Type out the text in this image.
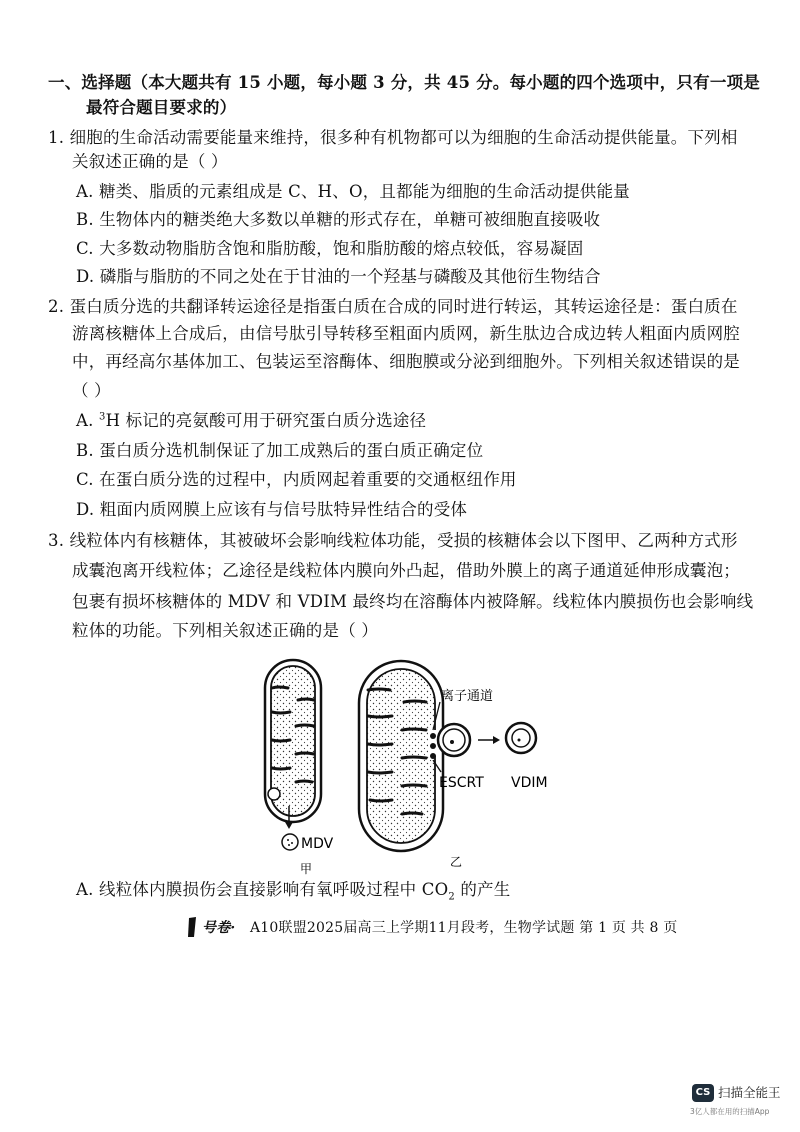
一、选择题（本大题共有 15 小题，每小题 3 分，共 45 分。每小题的四个选项中，只有一项是
最符合题目要求的）
1. 细胞的生命活动需要能量来维持，很多种有机物都可以为细胞的生命活动提供能量。下列相
关叙述正确的是（ ）
A. 糖类、脂质的元素组成是 C、H、O，且都能为细胞的生命活动提供能量
B. 生物体内的糖类绝大多数以单糖的形式存在，单糖可被细胞直接吸收
C. 大多数动物脂肪含饱和脂肪酸，饱和脂肪酸的熔点较低，容易凝固
D. 磷脂与脂肪的不同之处在于甘油的一个羟基与磷酸及其他衍生物结合
2. 蛋白质分选的共翻译转运途径是指蛋白质在合成的同时进行转运，其转运途径是：蛋白质在
游离核糖体上合成后，由信号肽引导转移至粗面内质网，新生肽边合成边转人粗面内质网腔
中，再经高尔基体加工、包装运至溶酶体、细胞膜或分泌到细胞外。下列相关叙述错误的是
（ ）
A. $^3$H 标记的亮氨酸可用于研究蛋白质分选途径
B. 蛋白质分选机制保证了加工成熟后的蛋白质正确定位
C. 在蛋白质分选的过程中，内质网起着重要的交通枢纽作用
D. 粗面内质网膜上应该有与信号肽特异性结合的受体
3. 线粒体内有核糖体，其被破坏会影响线粒体功能，受损的核糖体会以下图甲、乙两种方式形
成囊泡离开线粒体；乙途径是线粒体内膜向外凸起，借助外膜上的离子通道延伸形成囊泡；
包裹有损坏核糖体的 MDV 和 VDIM 最终均在溶酶体内被降解。线粒体内膜损伤也会影响线
粒体的功能。下列相关叙述正确的是（ ）
MDV
甲
离子通道
ESCRT VDIM
乙
A. 线粒体内膜损伤会直接影响有氧呼吸过程中 $CO_2$ 的产生
号卷· A10联盟2025届高三上学期11月段考，生物学试题 第 1 页 共 8 页
CS 扫描全能王
3亿人都在用的扫描App
